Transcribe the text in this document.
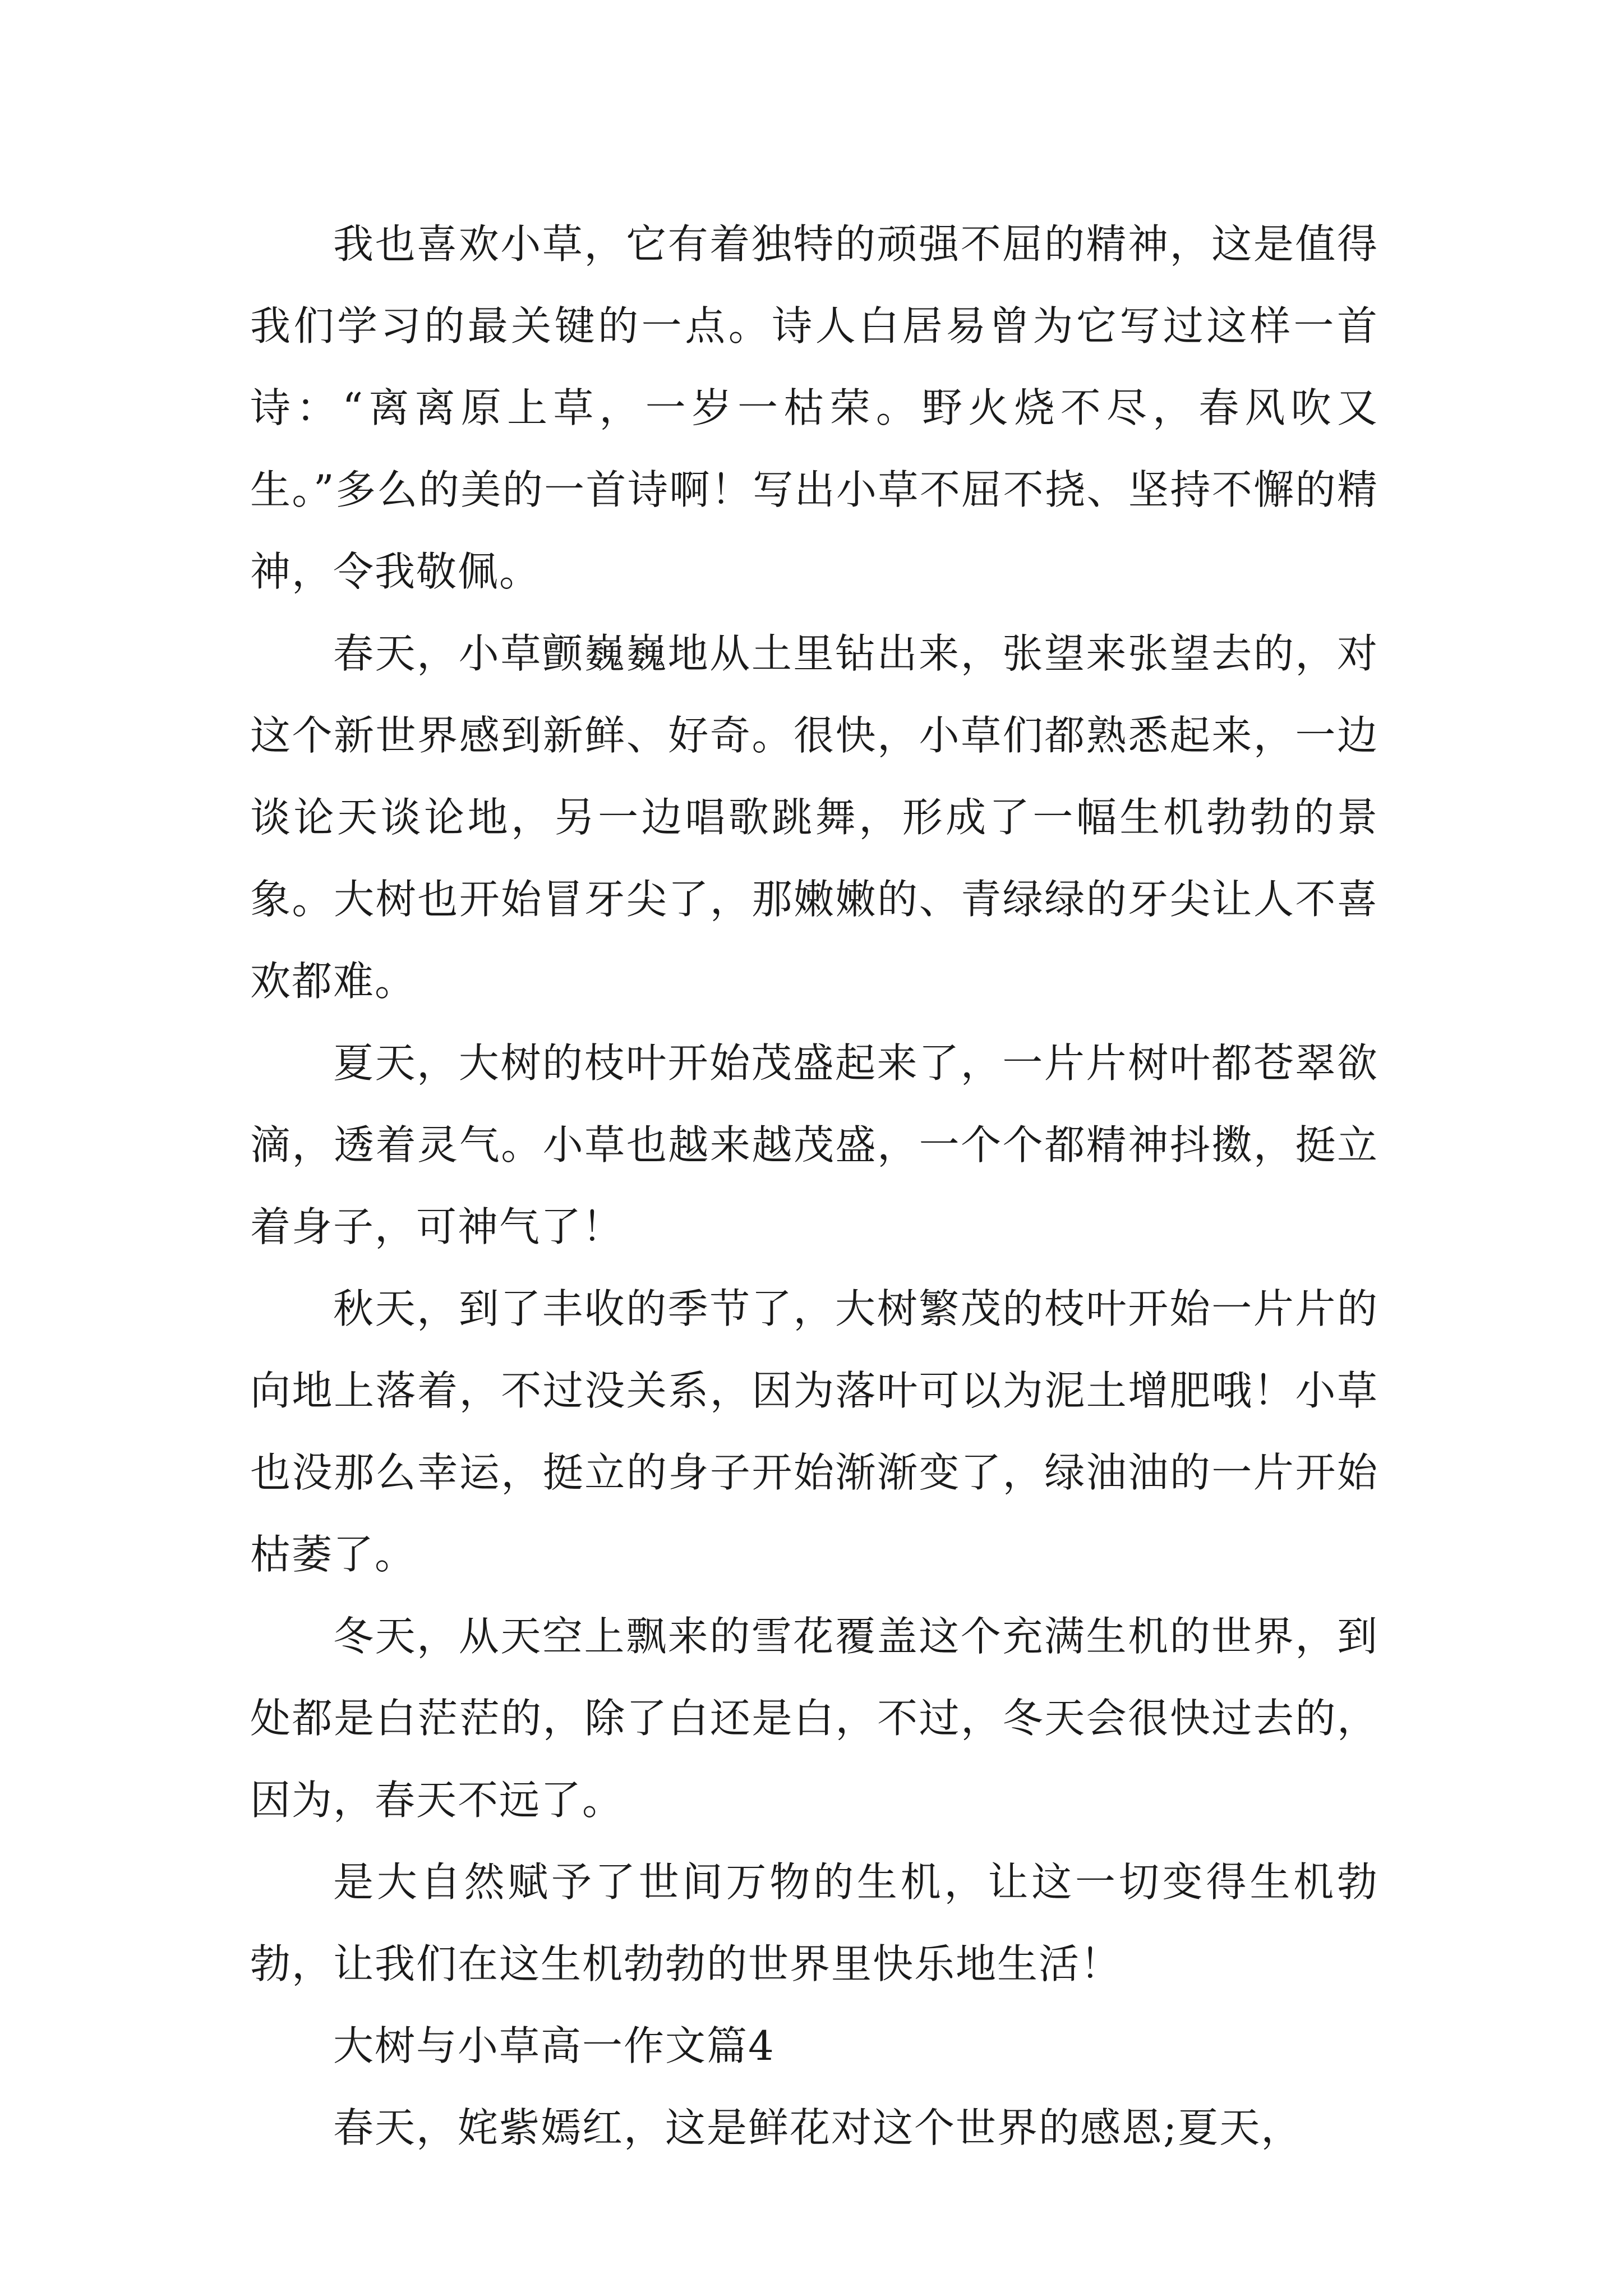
我也喜欢小草，它有着独特的顽强不屈的精神，这是值得我们学习的最关键的一点。诗人白居易曾为它写过这样一首诗：“离离原上草，一岁一枯荣。野火烧不尽，春风吹又生。”多么的美的一首诗啊！写出小草不屈不挠、坚持不懈的精神，令我敬佩。

春天，小草颤巍巍地从土里钻出来，张望来张望去的，对这个新世界感到新鲜、好奇。很快，小草们都熟悉起来，一边谈论天谈论地，另一边唱歌跳舞，形成了一幅生机勃勃的景象。大树也开始冒牙尖了，那嫩嫩的、青绿绿的牙尖让人不喜欢都难。

夏天，大树的枝叶开始茂盛起来了，一片片树叶都苍翠欲滴，透着灵气。小草也越来越茂盛，一个个都精神抖擞，挺立着身子，可神气了！

秋天，到了丰收的季节了，大树繁茂的枝叶开始一片片的向地上落着，不过没关系，因为落叶可以为泥土增肥哦！小草也没那么幸运，挺立的身子开始渐渐变了，绿油油的一片开始枯萎了。

冬天，从天空上飘来的雪花覆盖这个充满生机的世界，到处都是白茫茫的，除了白还是白，不过，冬天会很快过去的，因为，春天不远了。

是大自然赋予了世间万物的生机，让这一切变得生机勃勃，让我们在这生机勃勃的世界里快乐地生活！

大树与小草高一作文篇4

春天，姹紫嫣红，这是鲜花对这个世界的感恩;夏天，
